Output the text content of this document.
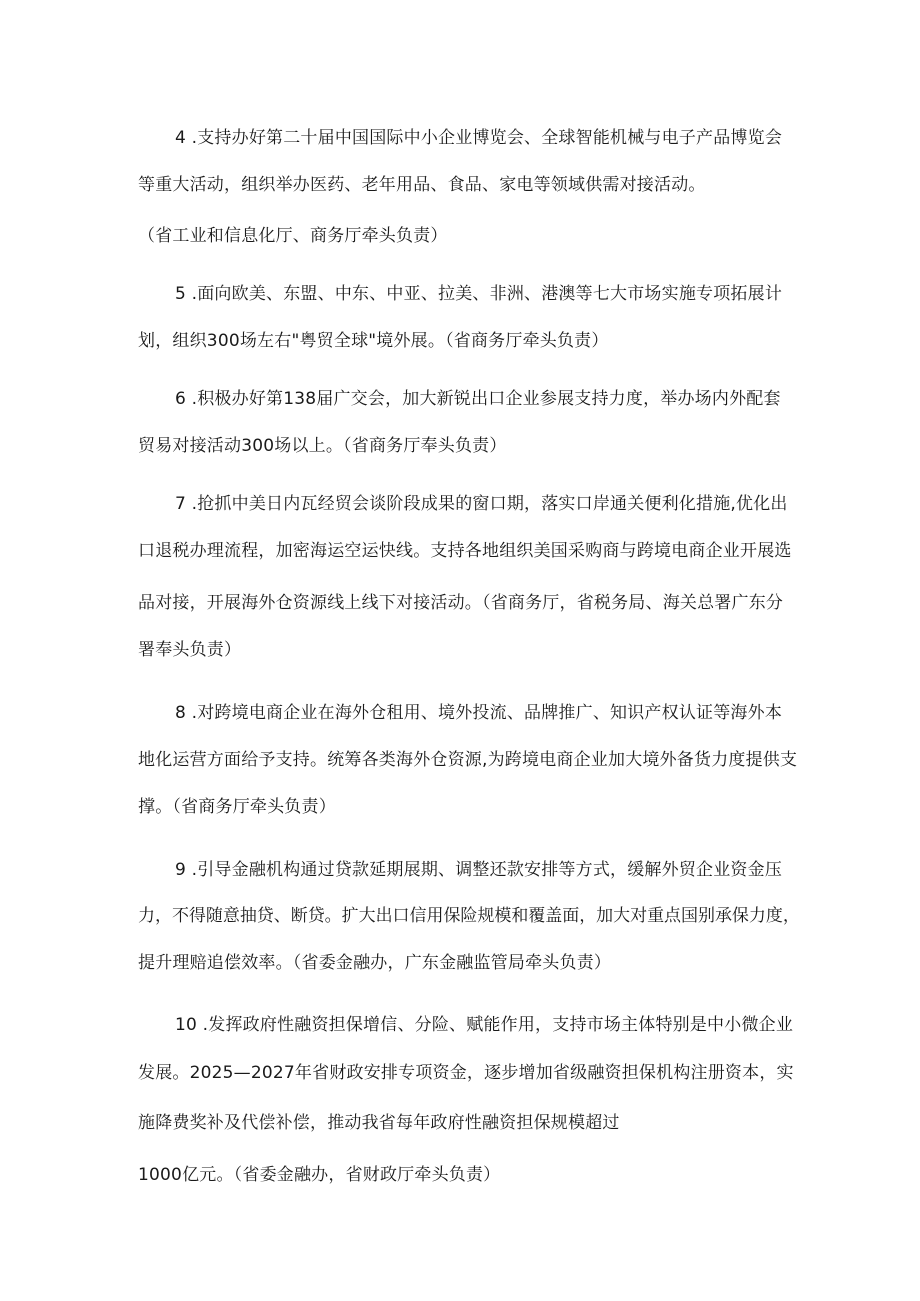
4 .支持办好第二十届中国国际中小企业博览会、全球智能机械与电子产品博览会
等重大活动，组织举办医药、老年用品、食品、家电等领域供需对接活动。
（省工业和信息化厅、商务厅牵头负责）
5 .面向欧美、东盟、中东、中亚、拉美、非洲、港澳等七大市场实施专项拓展计
划，组织300场左右"粤贸全球"境外展。（省商务厅牵头负责）
6 .积极办好第138届广交会，加大新锐出口企业参展支持力度，举办场内外配套
贸易对接活动300场以上。（省商务厅奉头负责）
7 .抢抓中美日内瓦经贸会谈阶段成果的窗口期，落实口岸通关便利化措施,优化出
口退税办理流程，加密海运空运快线。支持各地组织美国采购商与跨境电商企业开展选
品对接，开展海外仓资源线上线下对接活动。（省商务厅，省税务局、海关总署广东分
署奉头负责）
8 .对跨境电商企业在海外仓租用、境外投流、品牌推广、知识产权认证等海外本
地化运营方面给予支持。统筹各类海外仓资源,为跨境电商企业加大境外备货力度提供支
撑。（省商务厅牵头负责）
9 .引导金融机构通过贷款延期展期、调整还款安排等方式，缓解外贸企业资金压
力，不得随意抽贷、断贷。扩大出口信用保险规模和覆盖面，加大对重点国别承保力度，
提升理赔追偿效率。（省委金融办，广东金融监管局牵头负责）
10 .发挥政府性融资担保增信、分险、赋能作用，支持市场主体特别是中小微企业
发展。2025—2027年省财政安排专项资金，逐步增加省级融资担保机构注册资本，实
施降费奖补及代偿补偿，推动我省每年政府性融资担保规模超过
1000亿元。（省委金融办，省财政厅牵头负责）
